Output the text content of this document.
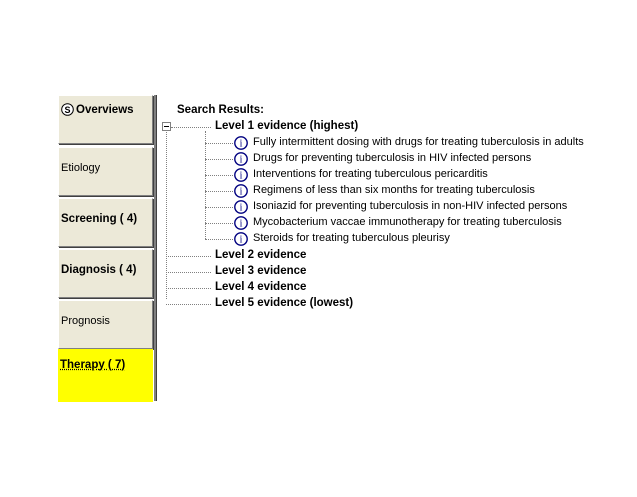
S Overviews
Etiology
Screening ( 4)
Diagnosis ( 4)
Prognosis
Therapy ( 7)
Search Results:
Level 1 evidence (highest)
i Fully intermittent dosing with drugs for treating tuberculosis in adults
i Drugs for preventing tuberculosis in HIV infected persons
i Interventions for treating tuberculous pericarditis
i Regimens of less than six months for treating tuberculosis
i Isoniazid for preventing tuberculosis in non-HIV infected persons
i Mycobacterium vaccae immunotherapy for treating tuberculosis
i Steroids for treating tuberculous pleurisy
Level 2 evidence
Level 3 evidence
Level 4 evidence
Level 5 evidence (lowest)
